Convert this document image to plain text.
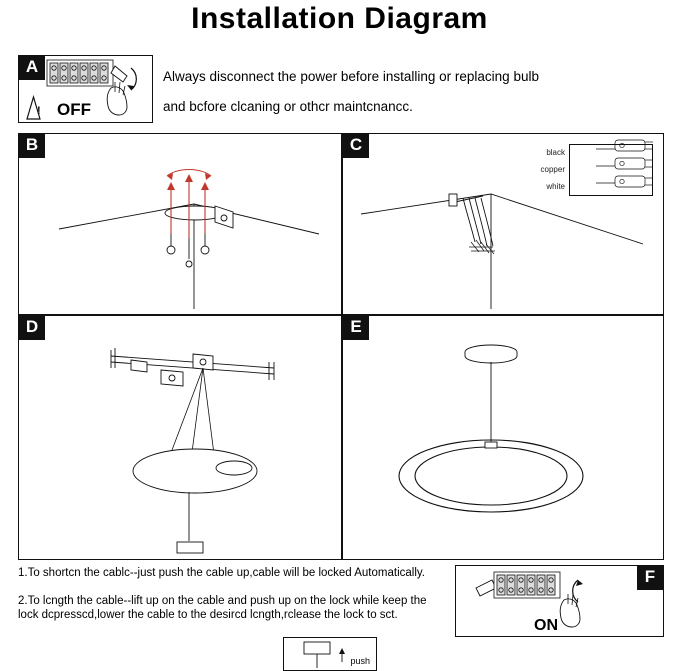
Installation Diagram
!
OFF
A
Always disconnect the power before installing or replacing bulb
and bcfore clcaning or othcr maintcnancc.
B	black
copper
white
C
D	E

1.To shortcn the cablc--just push the cable up,cable will be locked Automatically.

2.To lcngth the cable--lift up on the cable and push up on the lock while keep the lock dcpresscd,lower the cable to the desircd lcngth,rclease the lock to sct.

ON
F
push
